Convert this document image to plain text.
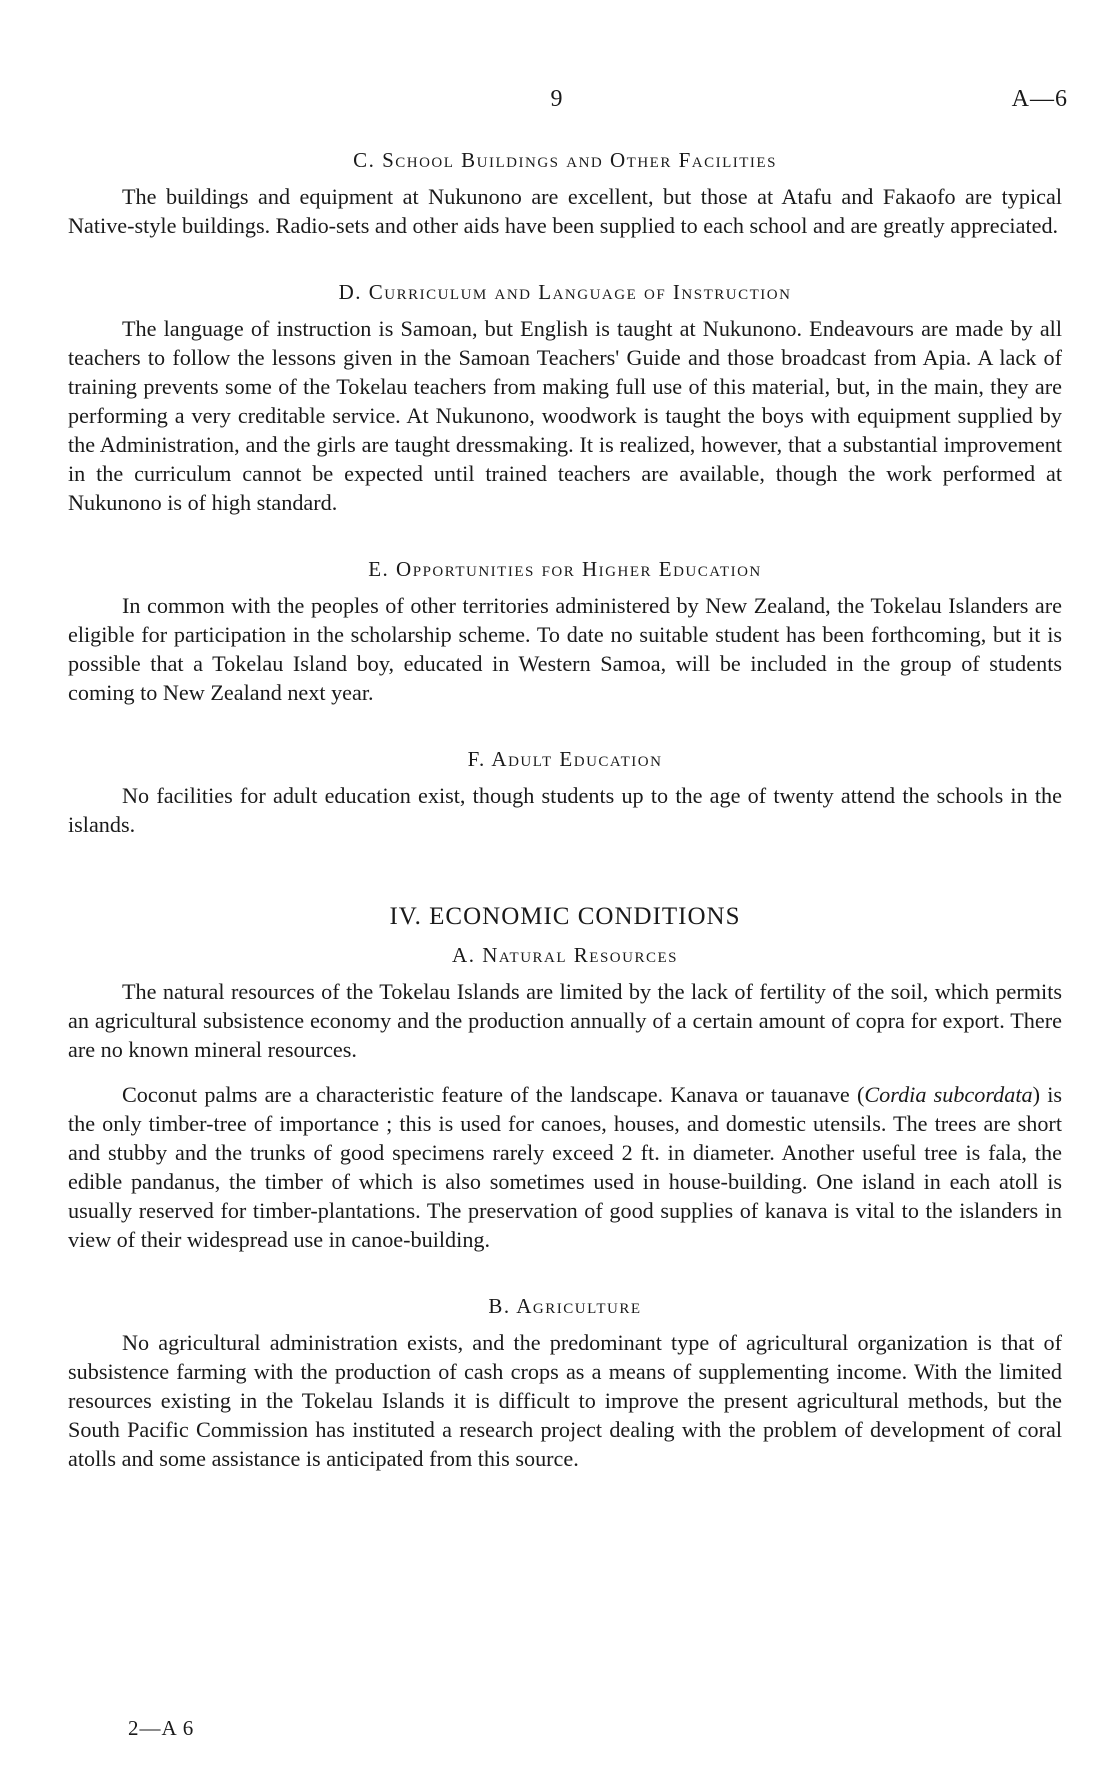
9	A—6
C. School Buildings and Other Facilities

The buildings and equipment at Nukunono are excellent, but those at Atafu and Fakaofo are typical Native-style buildings. Radio-sets and other aids have been supplied to each school and are greatly appreciated.

D. Curriculum and Language of Instruction

The language of instruction is Samoan, but English is taught at Nukunono. Endeavours are made by all teachers to follow the lessons given in the Samoan Teachers' Guide and those broadcast from Apia. A lack of training prevents some of the Tokelau teachers from making full use of this material, but, in the main, they are performing a very creditable service. At Nukunono, woodwork is taught the boys with equipment supplied by the Administration, and the girls are taught dressmaking. It is realized, however, that a substantial improvement in the curriculum cannot be expected until trained teachers are available, though the work performed at Nukunono is of high standard.

E. Opportunities for Higher Education

In common with the peoples of other territories administered by New Zealand, the Tokelau Islanders are eligible for participation in the scholarship scheme. To date no suitable student has been forthcoming, but it is possible that a Tokelau Island boy, educated in Western Samoa, will be included in the group of students coming to New Zealand next year.

F. Adult Education

No facilities for adult education exist, though students up to the age of twenty attend the schools in the islands.

IV. ECONOMIC CONDITIONS
A. Natural Resources

The natural resources of the Tokelau Islands are limited by the lack of fertility of the soil, which permits an agricultural subsistence economy and the production annually of a certain amount of copra for export. There are no known mineral resources.

Coconut palms are a characteristic feature of the landscape. Kanava or tauanave (Cordia subcordata) is the only timber-tree of importance ; this is used for canoes, houses, and domestic utensils. The trees are short and stubby and the trunks of good specimens rarely exceed 2 ft. in diameter. Another useful tree is fala, the edible pandanus, the timber of which is also sometimes used in house-building. One island in each atoll is usually reserved for timber-plantations. The preservation of good supplies of kanava is vital to the islanders in view of their widespread use in canoe-building.

B. Agriculture

No agricultural administration exists, and the predominant type of agricultural organization is that of subsistence farming with the production of cash crops as a means of supplementing income. With the limited resources existing in the Tokelau Islands it is difficult to improve the present agricultural methods, but the South Pacific Commission has instituted a research project dealing with the problem of development of coral atolls and some assistance is anticipated from this source.

2—A 6
